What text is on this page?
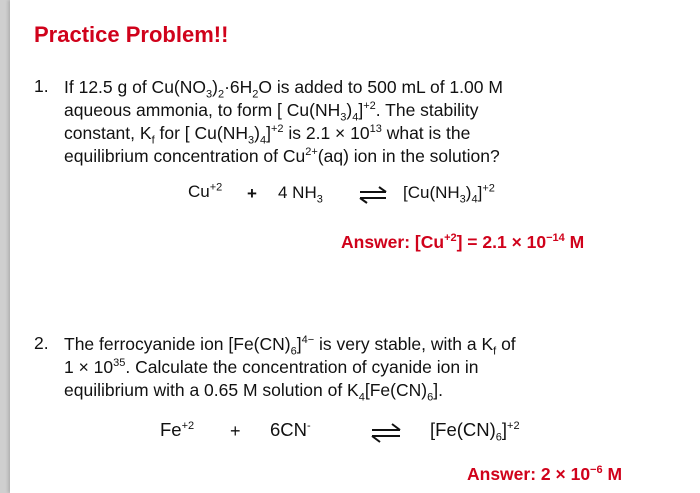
Practice Problem!!
1. If 12.5 g of $Cu(NO_3)_2\cdot 6H_2O$ is added to 500 mL of 1.00 M
aqueous ammonia, to form [ $Cu(NH_3)_4]^{+2}$. The stability
constant, $K_f$ for [ $Cu(NH_3)_4]^{+2}$ is $2.1 \times 10^{13}$ what is the
equilibrium concentration of $Cu^{2+}(aq)$ ion in the solution?
$Cu^{+2} + 4$ $NH_3$ ⇌ $[Cu(NH_3)_4]^{+2}$
Answer: $[Cu^{+2}] = 2.1 \times 10^{-14}$ M
2. The ferrocyanide ion $[Fe(CN)_6]^{4-}$ is very stable, with a $K_f$ of
$1 \times 10^{35}$. Calculate the concentration of cyanide ion in
equilibrium with a 0.65 M solution of $K_4[Fe(CN)_6]$.
$Fe^{+2} + 6CN^-$	$[Fe(CN)_6]^{+2}$
Answer: $2 \times 10^{-6}$ M
